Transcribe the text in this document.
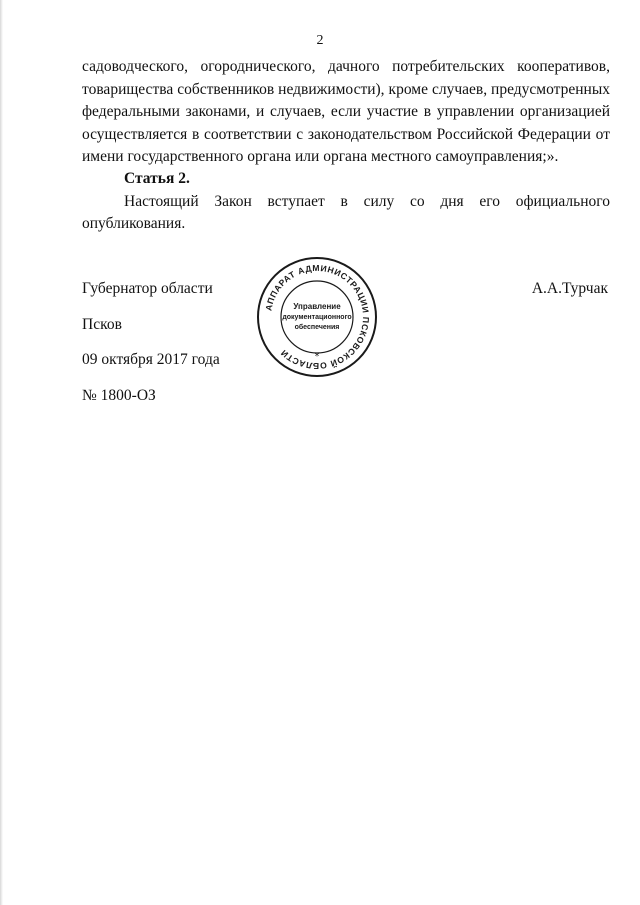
2
садоводческого, огороднического, дачного потребительских кооперативов,
товарищества собственников недвижимости), кроме случаев, предусмотренных
федеральными законами, и случаев, если участие в управлении организацией
осуществляется в соответствии с законодательством Российской Федерации от
имени государственного органа или органа местного самоуправления;».
Статья 2.
Настоящий Закон вступает в силу со дня его официального
опубликования.
Губернатор области
Псков
09 октября 2017 года
№ 1800-ОЗ
А.А.Турчак
АППАРАТ АДМИНИСТРАЦИИ ПСКОВСКОЙ ОБЛАСТИ	*
Управление
документационного
обеспечения
